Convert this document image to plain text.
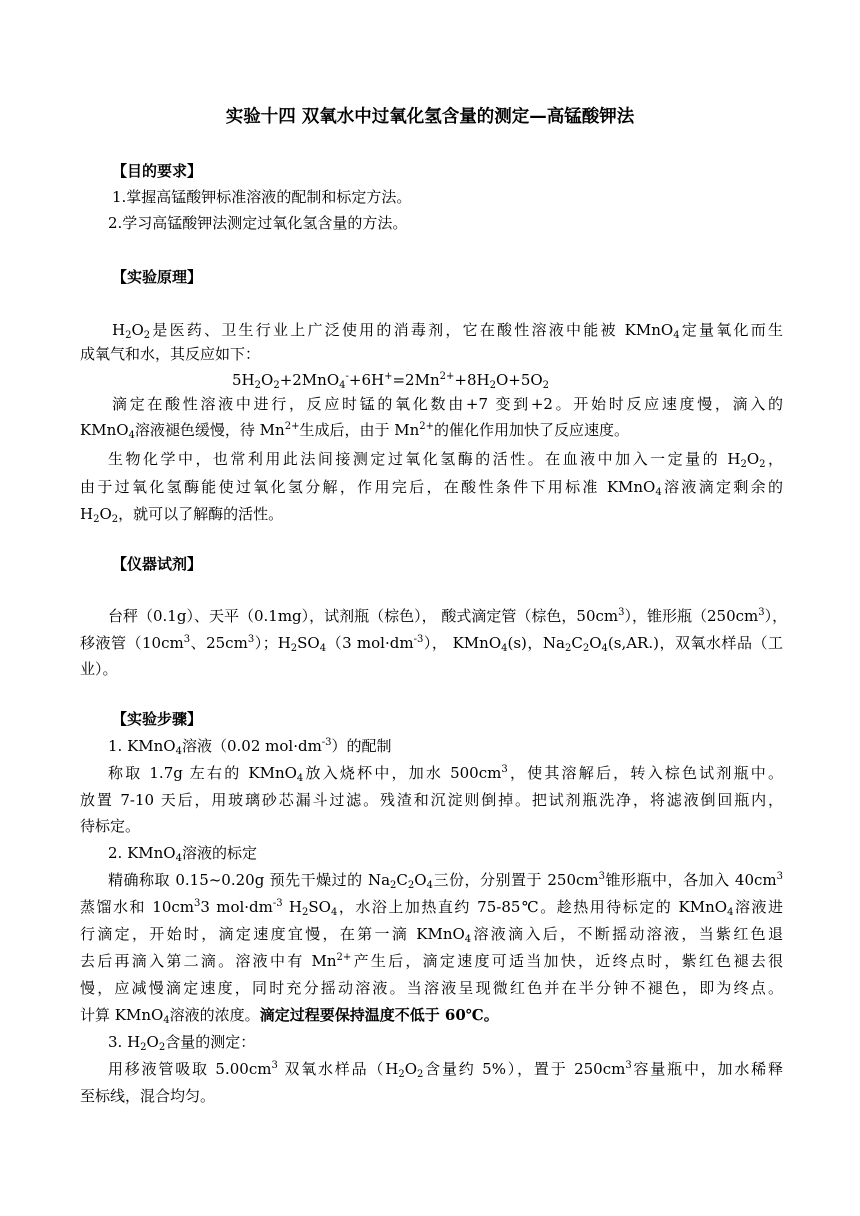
实验十四 双氧水中过氧化氢含量的测定—高锰酸钾法
【目的要求】
1.掌握高锰酸钾标准溶液的配制和标定方法。
2.学习高锰酸钾法测定过氧化氢含量的方法。
【实验原理】
$H_2O_2$是医药、卫生行业上广泛使用的消毒剂，它在酸性溶液中能被 KMnO$_4$定量氧化而生
成氧气和水，其反应如下：
$5H_2O_2+2MnO_4^-+6H^+=2Mn^{2+}+8H_2O+5O_2$
滴定在酸性溶液中进行，反应时锰的氧化数由+7 变到+2。开始时反应速度慢，滴入的
KMnO$_4$溶液褪色缓慢，待 $Mn^{2+}$生成后，由于 $Mn^{2+}$的催化作用加快了反应速度。
生物化学中，也常利用此法间接测定过氧化氢酶的活性。在血液中加入一定量的 $H_2O_2$，
由于过氧化氢酶能使过氧化氢分解，作用完后，在酸性条件下用标准 KMnO$_4$溶液滴定剩余的
$H_2O_2$，就可以了解酶的活性。
【仪器试剂】
台秤（0.1g）、天平（0.1mg），试剂瓶（棕色）， 酸式滴定管（棕色，$50cm^3$），锥形瓶$(250cm^3)$，
移液管（$10cm^3$、$25cm^3$）；$H_2SO_4(3$ $mol\cdot dm^{-3}$）， KMnO$_4$(s)，$Na_2C_2O_4(s,AR.)$，双氧水样品（工
业）。
【实验步骤】
1. KMnO$_4$溶液（0.02 $mol\cdot dm^{-3}$）的配制
称取 1.7g 左右的 KMnO$_4$放入烧杯中，加水 $500cm^3$，使其溶解后，转入棕色试剂瓶中。
放置 7-10 天后，用玻璃砂芯漏斗过滤。残渣和沉淀则倒掉。把试剂瓶洗净，将滤液倒回瓶内，
待标定。
2. KMnO$_4$溶液的标定
精确称取 0.15~0.20g 预先干燥过的 $Na_2C_2O_4$三份，分别置于 $250cm^3$锥形瓶中，各加入 $40cm^3$
蒸馏水和 $10cm^33$ $mol\cdot dm^{-3}$ $H_2SO_4$，水浴上加热直约 75-85℃。趁热用待标定的 KMnO$_4$溶液进
行滴定，开始时，滴定速度宜慢，在第一滴 KMnO$_4$溶液滴入后，不断摇动溶液，当紫红色退
去后再滴入第二滴。溶液中有 $Mn^{2+}$产生后，滴定速度可适当加快，近终点时，紫红色褪去很
慢，应减慢滴定速度，同时充分摇动溶液。当溶液呈现微红色并在半分钟不褪色，即为终点。
计算 KMnO$_4$溶液的浓度。滴定过程要保持温度不低于 60℃。
3. $H_2O_2$含量的测定：
用移液管吸取 $5.00cm^3$ 双氧水样品（$H_2O_2$含量约 5%），置于 $250cm^3$容量瓶中，加水稀释
至标线，混合均匀。
